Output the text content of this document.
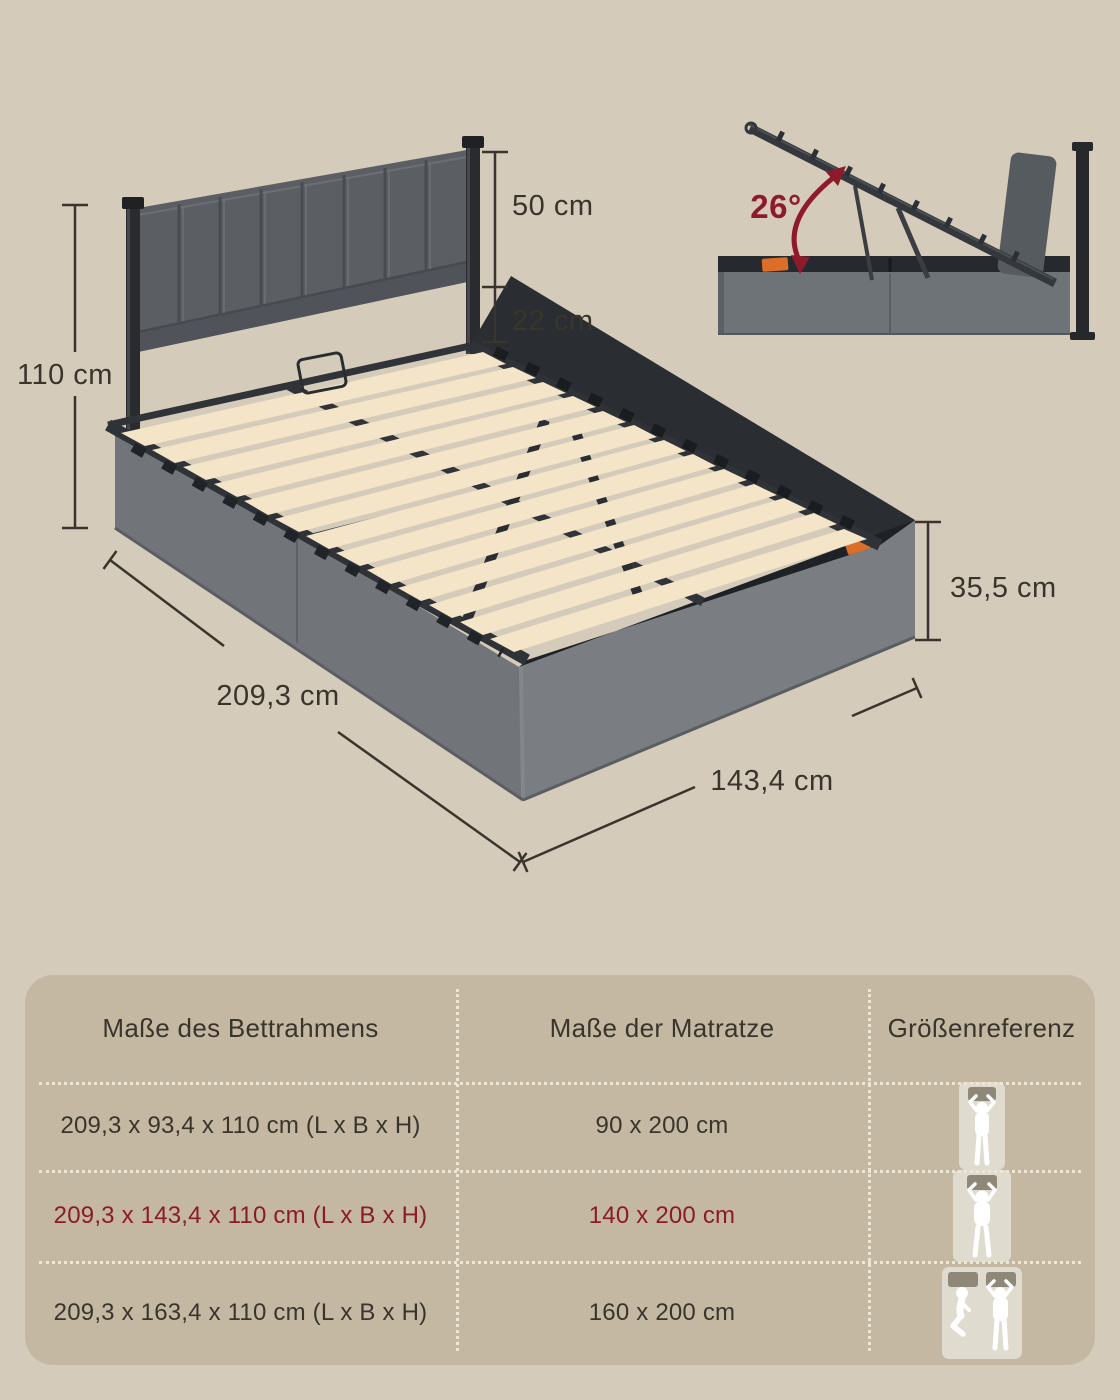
26°
110 cm
50 cm
22 cm
35,5 cm
209,3 cm
143,4 cm
Maße des Bettrahmens	Maße der Matratze	Größenreferenz
209,3 x 93,4 x 110 cm (L x B x H)	90 x 200 cm
209,3 x 143,4 x 110 cm (L x B x H)	140 x 200 cm
209,3 x 163,4 x 110 cm (L x B x H)	160 x 200 cm
